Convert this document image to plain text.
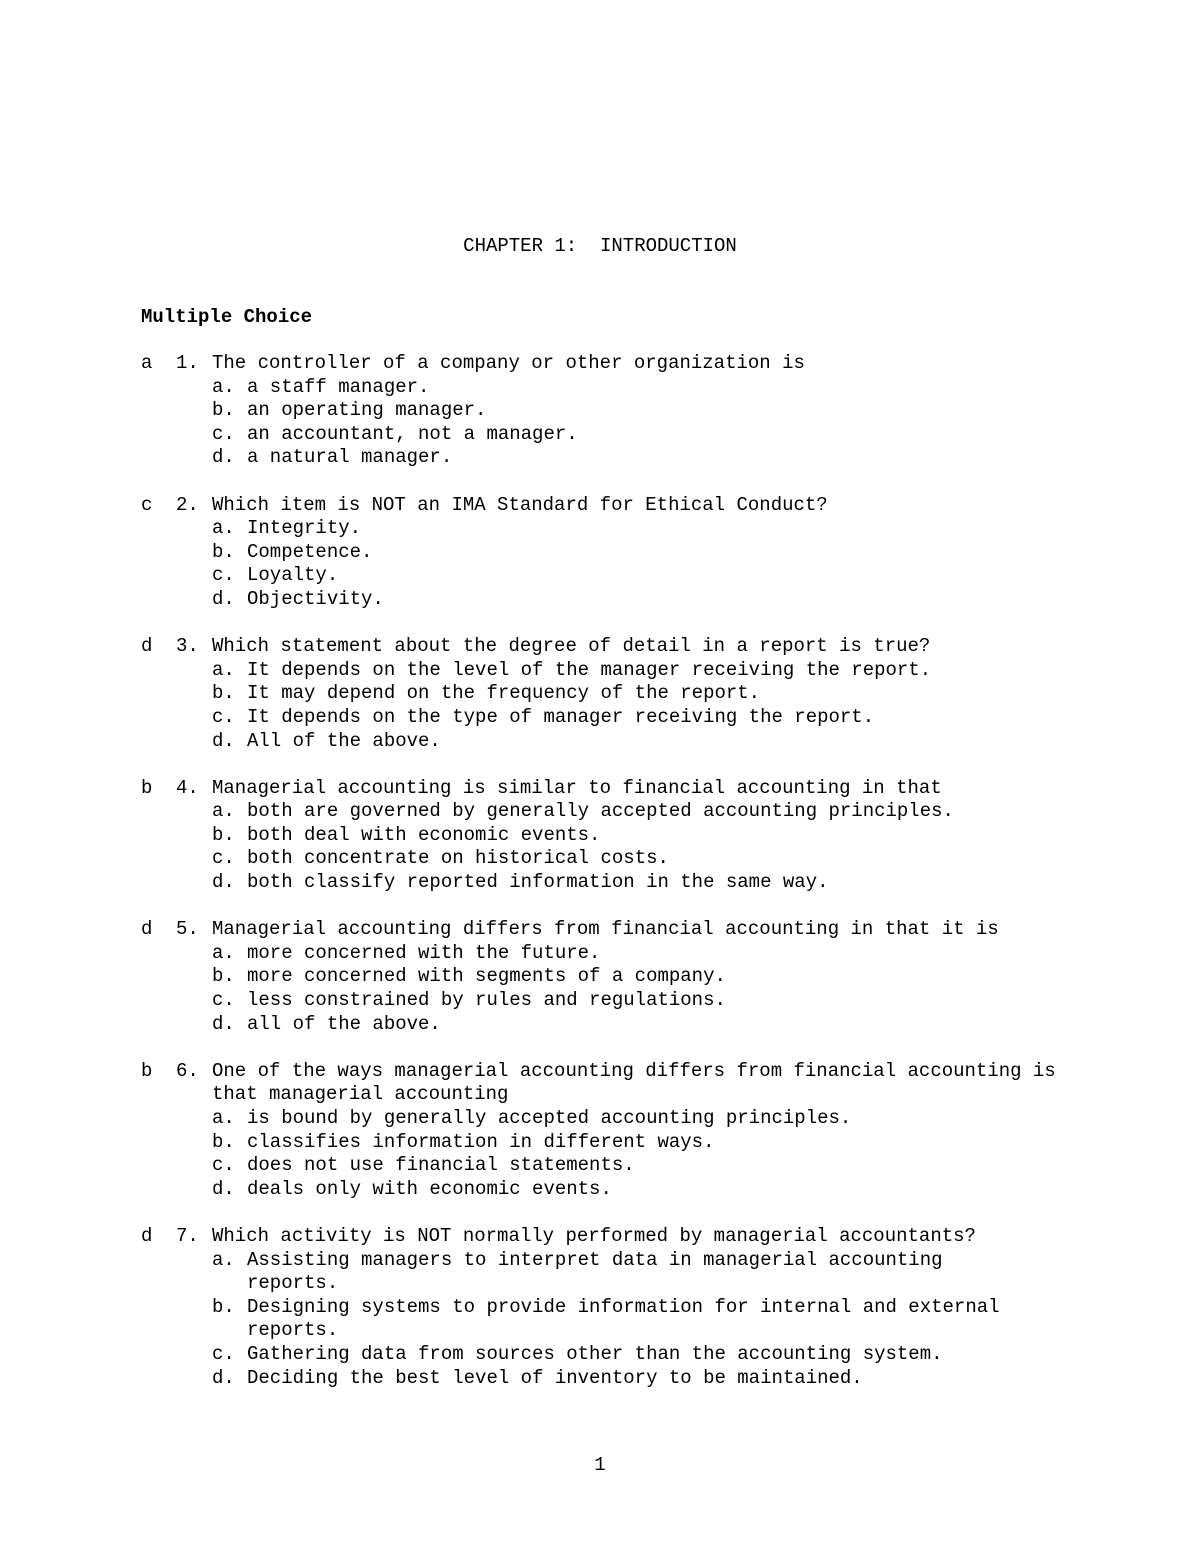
CHAPTER 1:  INTRODUCTION
Multiple Choice
a 1. The controller of a company or other organization is
a. a staff manager.
b. an operating manager.
c. an accountant, not a manager.
d. a natural manager.
c 2. Which item is NOT an IMA Standard for Ethical Conduct?
a. Integrity.
b. Competence.
c. Loyalty.
d. Objectivity.
d 3. Which statement about the degree of detail in a report is true?
a. It depends on the level of the manager receiving the report.
b. It may depend on the frequency of the report.
c. It depends on the type of manager receiving the report.
d. All of the above.
b 4. Managerial accounting is similar to financial accounting in that
a. both are governed by generally accepted accounting principles.
b. both deal with economic events.
c. both concentrate on historical costs.
d. both classify reported information in the same way.
d 5. Managerial accounting differs from financial accounting in that it is
a. more concerned with the future.
b. more concerned with segments of a company.
c. less constrained by rules and regulations.
d. all of the above.
b 6. One of the ways managerial accounting differs from financial accounting is that managerial accounting
a. is bound by generally accepted accounting principles.
b. classifies information in different ways.
c. does not use financial statements.
d. deals only with economic events.
d 7. Which activity is NOT normally performed by managerial accountants?
a. Assisting managers to interpret data in managerial accounting reports.
b. Designing systems to provide information for internal and external reports.
c. Gathering data from sources other than the accounting system.
d. Deciding the best level of inventory to be maintained.
1
